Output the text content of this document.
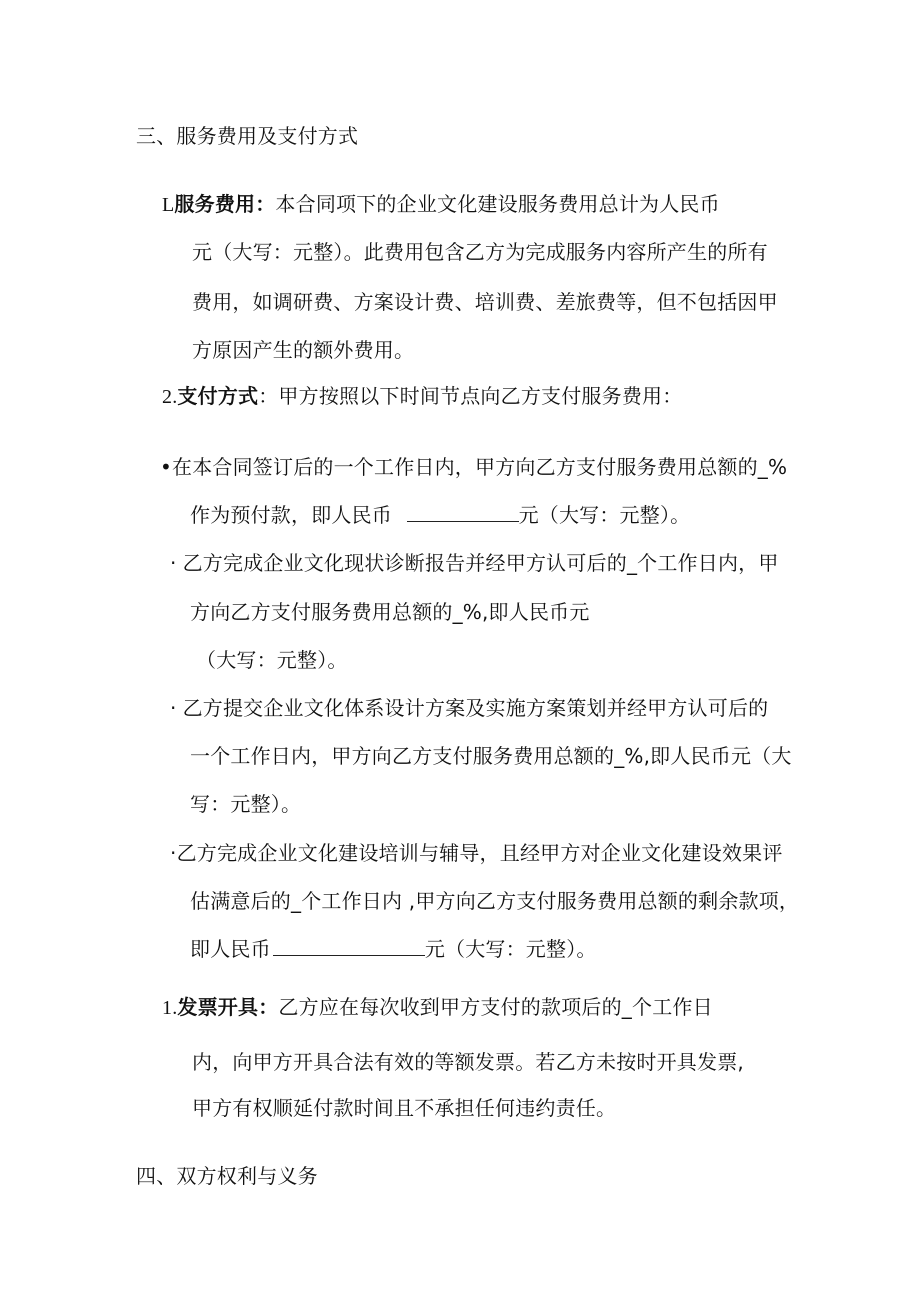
三、服务费用及支付方式
L服务费用：本合同项下的企业文化建设服务费用总计为人民币
元（大写：元整）。此费用包含乙方为完成服务内容所产生的所有
费用，如调研费、方案设计费、培训费、差旅费等，但不包括因甲
方原因产生的额外费用。
2.支付方式：甲方按照以下时间节点向乙方支付服务费用：
•在本合同签订后的一个工作日内，甲方向乙方支付服务费用总额的_%
作为预付款，即人民币	元（大写：元整）。
· 乙方完成企业文化现状诊断报告并经甲方认可后的_个工作日内，甲
方向乙方支付服务费用总额的_%,即人民币元
（大写：元整）。
· 乙方提交企业文化体系设计方案及实施方案策划并经甲方认可后的
一个工作日内，甲方向乙方支付服务费用总额的_%,即人民币元（大
写：元整）。
·乙方完成企业文化建设培训与辅导，且经甲方对企业文化建设效果评
估满意后的_个工作日内 ,甲方向乙方支付服务费用总额的剩余款项，
即人民币	元（大写：元整）。
1.发票开具：乙方应在每次收到甲方支付的款项后的_个工作日
内，向甲方开具合法有效的等额发票。若乙方未按时开具发票,
甲方有权顺延付款时间且不承担任何违约责任。
四、双方权利与义务
